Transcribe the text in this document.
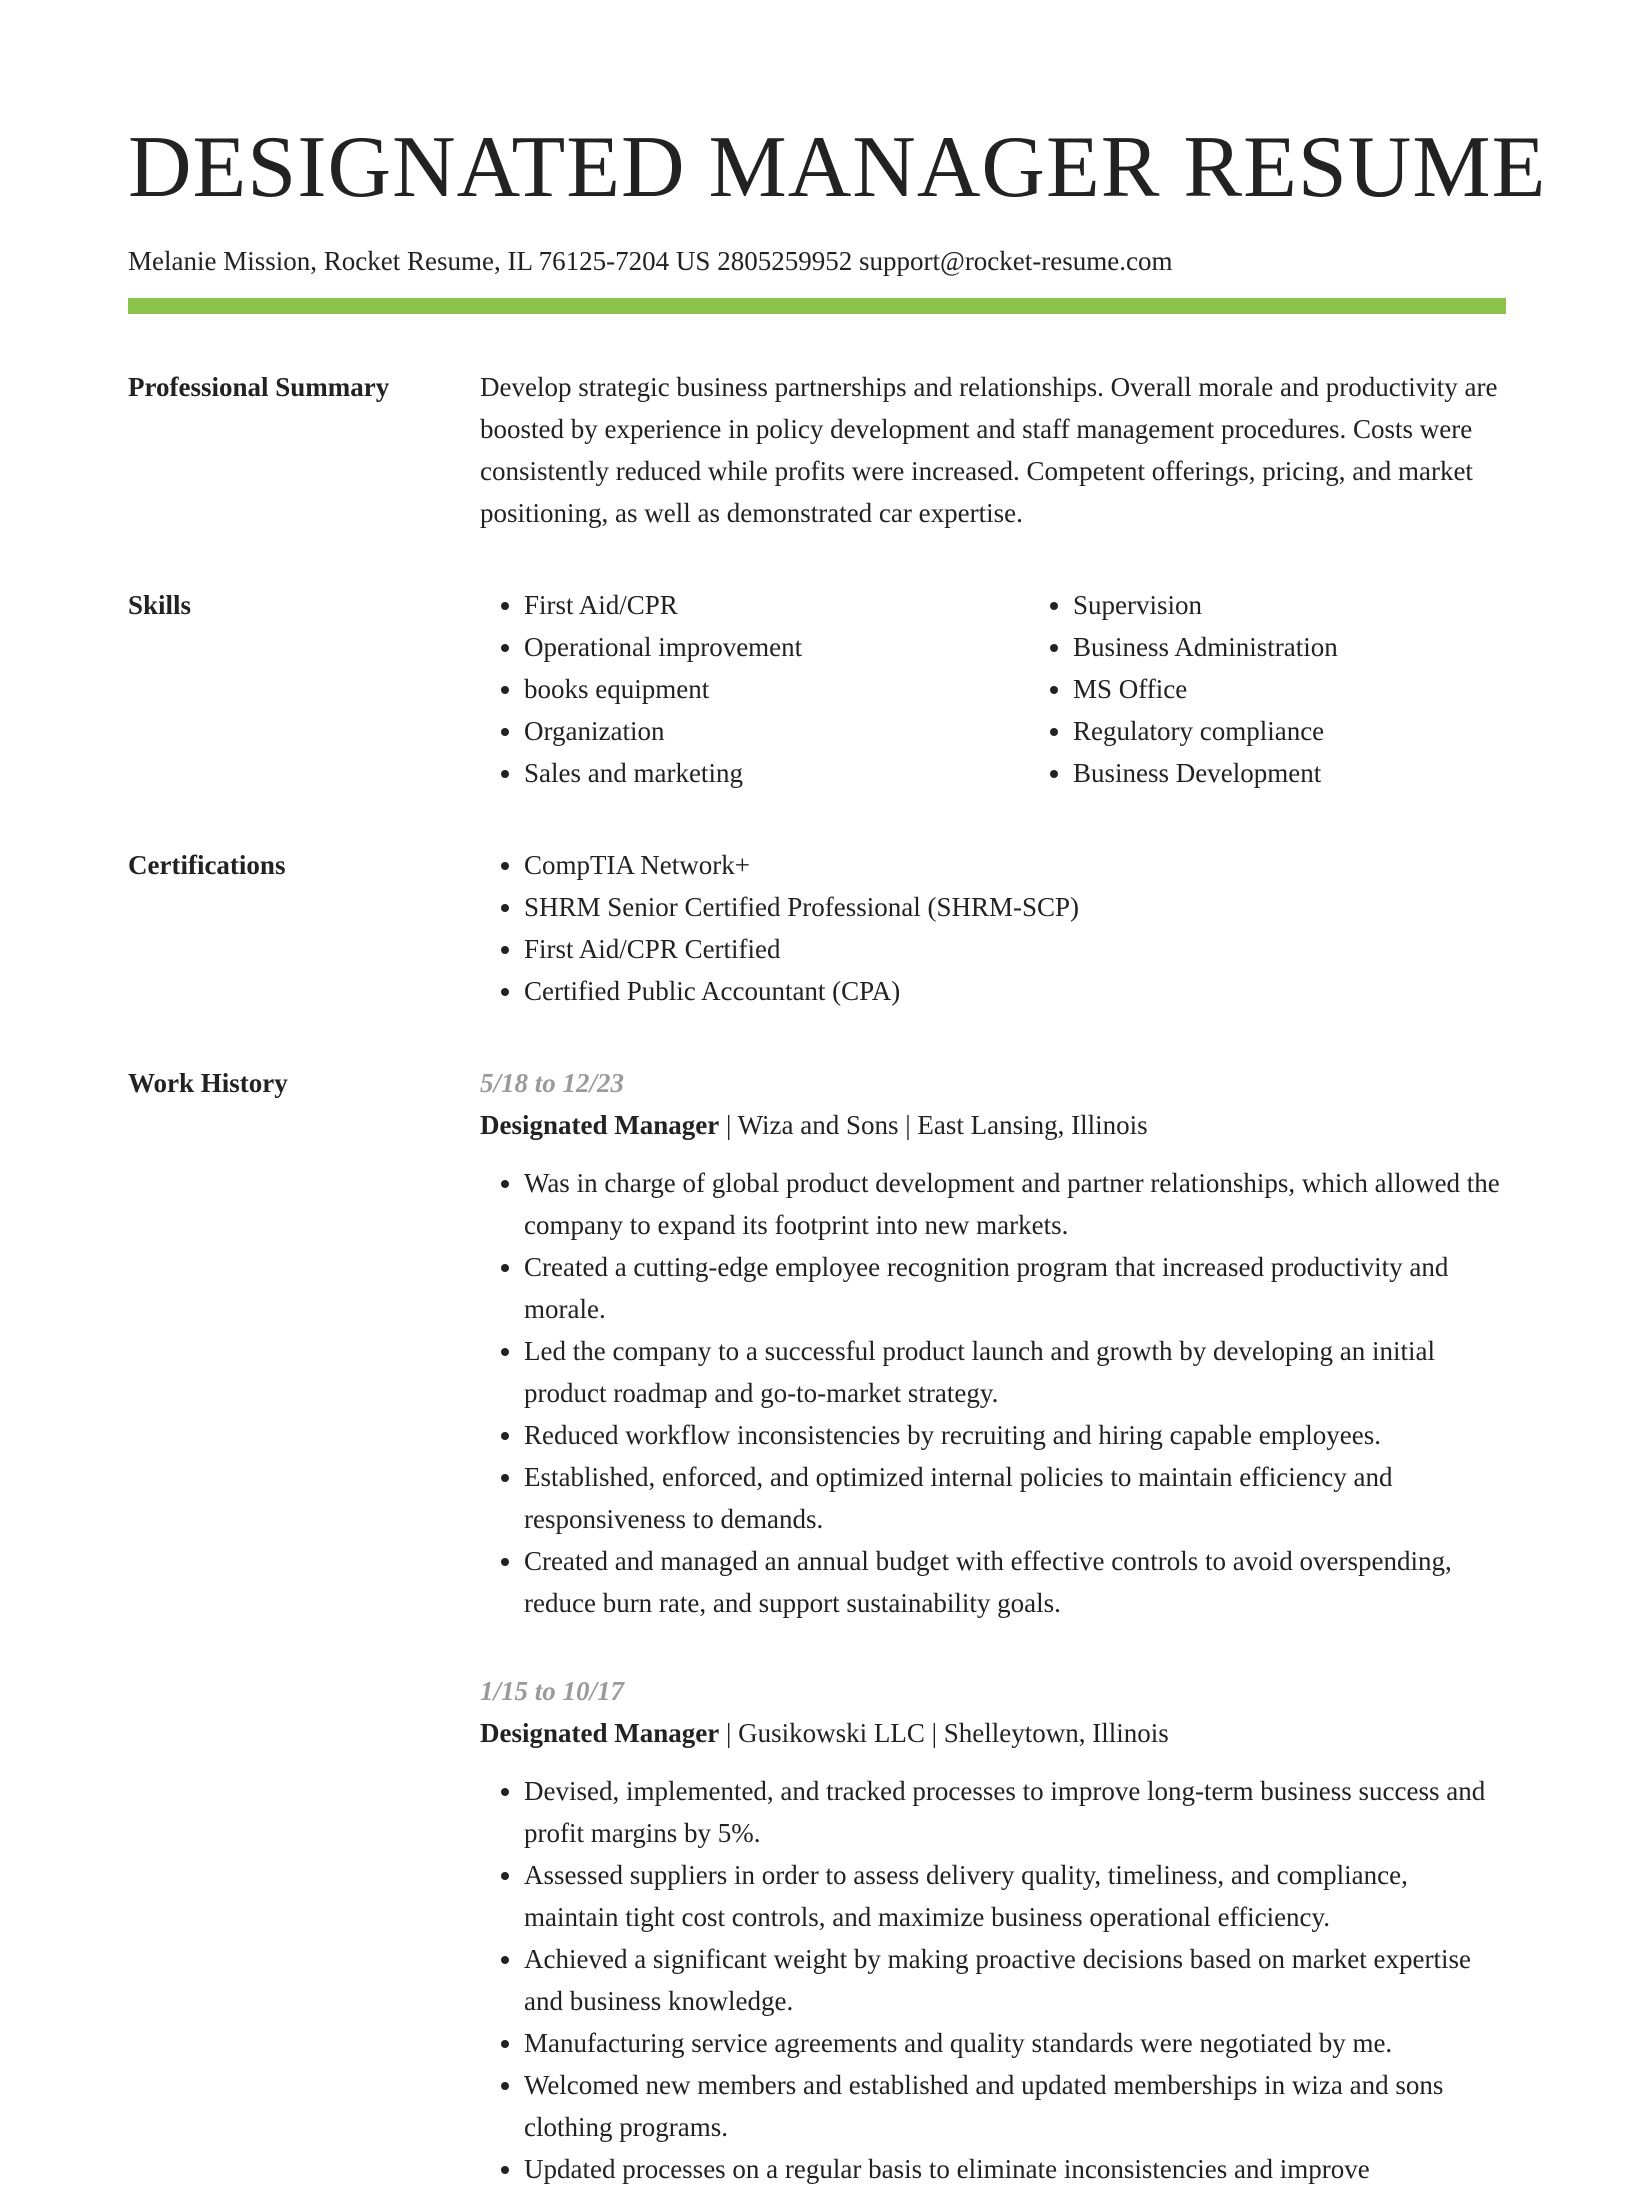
DESIGNATED MANAGER RESUME
Melanie Mission, Rocket Resume, IL 76125-7204 US 2805259952 support@rocket-resume.com
Professional Summary	Develop strategic business partnerships and relationships. Overall morale and productivity are boosted by experience in policy development and staff management procedures. Costs were consistently reduced while profits were increased. Competent offerings, pricing, and market positioning, as well as demonstrated car expertise.

Skills	• First Aid/CPR
• Operational improvement
• books equipment
• Organization
• Sales and marketing
• Supervision
• Business Administration
• MS Office
• Regulatory compliance
• Business Development
Certifications	• CompTIA Network+
• SHRM Senior Certified Professional (SHRM-SCP)
• First Aid/CPR Certified
• Certified Public Accountant (CPA)
Work History	5/18 to 12/23
Designated Manager | Wiza and Sons | East Lansing, Illinois
• Was in charge of global product development and partner relationships, which allowed the company to expand its footprint into new markets.
• Created a cutting-edge employee recognition program that increased productivity and morale.
• Led the company to a successful product launch and growth by developing an initial product roadmap and go-to-market strategy.
• Reduced workflow inconsistencies by recruiting and hiring capable employees.
• Established, enforced, and optimized internal policies to maintain efficiency and responsiveness to demands.
• Created and managed an annual budget with effective controls to avoid overspending, reduce burn rate, and support sustainability goals.
1/15 to 10/17
Designated Manager | Gusikowski LLC | Shelleytown, Illinois
• Devised, implemented, and tracked processes to improve long-term business success and profit margins by 5%.
• Assessed suppliers in order to assess delivery quality, timeliness, and compliance, maintain tight cost controls, and maximize business operational efficiency.
• Achieved a significant weight by making proactive decisions based on market expertise and business knowledge.
• Manufacturing service agreements and quality standards were negotiated by me.
• Welcomed new members and established and updated memberships in wiza and sons clothing programs.
• Updated processes on a regular basis to eliminate inconsistencies and improve
